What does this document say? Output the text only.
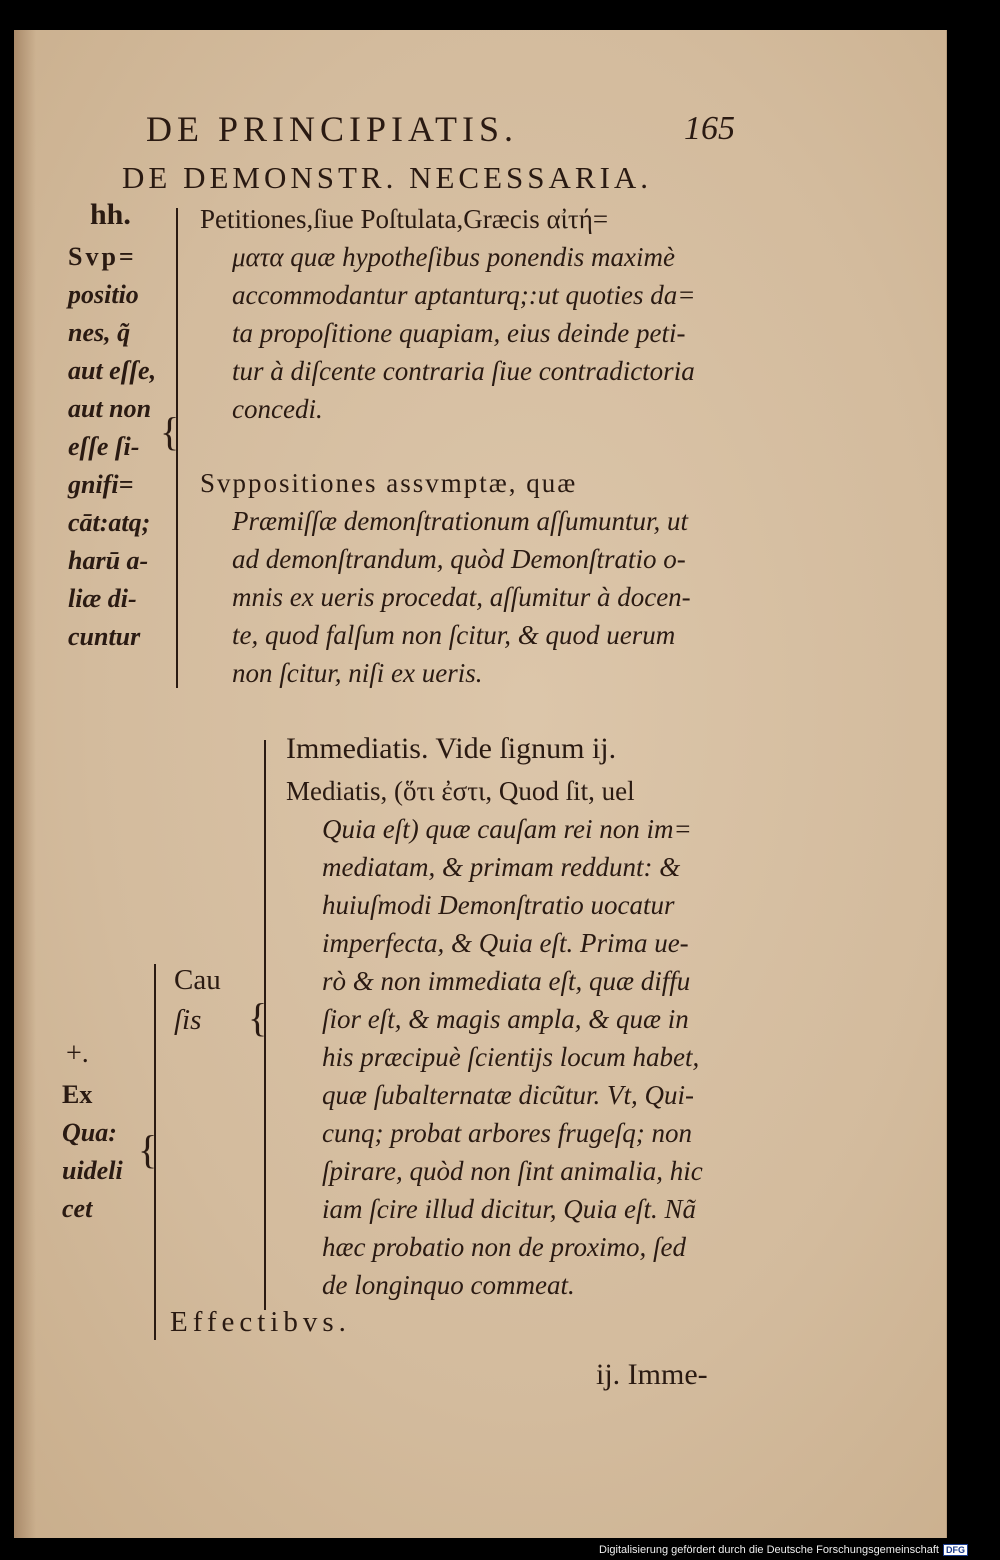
DE PRINCIPIATIS.	165
DE DEMONSTR. NECESSARIA.
hh.
Svp=
positio
nes, q̃
aut eſſe,
aut non
eſſe ſi-
gnifi=
cāt:atq;
harū a-
liæ di-
cuntur
{
Petitiones,ſiue Poſtulata,Græcis αἰτή=
ματα quæ hypotheſibus ponendis maximè
accommodantur aptanturq;:ut quoties da=
ta propoſitione quapiam, eius deinde peti-
tur à diſcente contraria ſiue contradictoria
concedi.
Svppositiones assvmptæ, quæ
Præmiſſæ demonſtrationum aſſumuntur, ut
ad demonſtrandum, quòd Demonſtratio o-
mnis ex ueris procedat, aſſumitur à docen-
te, quod falſum non ſcitur, & quod uerum
non ſcitur, niſi ex ueris.
+.
Ex
Qua:
uideli
cet
{
Cau
ſis	{
Immediatis. Vide ſignum ij.
Mediatis, (ὅτι ἐστι, Quod ſit, uel
Quia eſt) quæ cauſam rei non im=
mediatam, & primam reddunt: &
huiuſmodi Demonſtratio uocatur
imperfecta, & Quia eſt. Prima ue-
rò & non immediata eſt, quæ diffu
ſior eſt, & magis ampla, & quæ in
his præcipuè ſcientijs locum habet,
quæ ſubalternatæ dicũtur. Vt, Qui-
cunq; probat arbores frugeſq; non
ſpirare, quòd non ſint animalia, hic
iam ſcire illud dicitur, Quia eſt. Nã
hæc probatio non de proximo, ſed
de longinquo commeat.
Effectibvs.
ij. Imme-
Digitalisierung gefördert durch die Deutsche Forschungsgemeinschaft DFG
